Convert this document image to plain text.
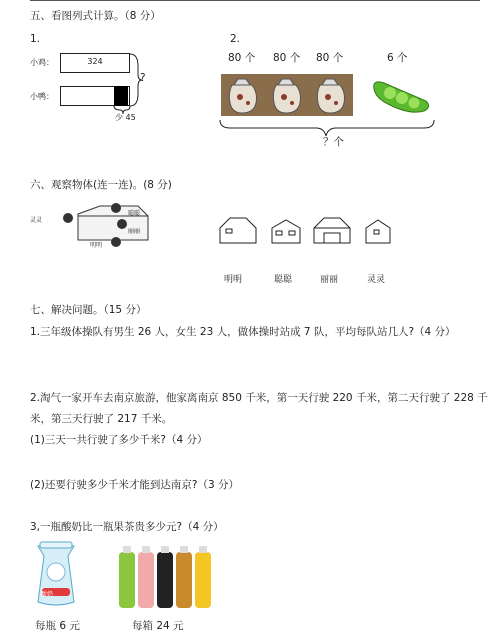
五、看图列式计算。（8 分）
1.
小鸡：	324
小鸭：
?
少 45
2.
80 个 80 个 80 个	6 个
？个
六、观察物体(连一连)。(8 分)
灵灵
明明
聪聪
丽丽
明明	聪聪	丽丽	灵灵
七、解决问题。（15 分）
1.三年级体操队有男生 26 人，女生 23 人，做体操时站成 7 队，平均每队站几人?（4 分）
2.淘气一家开车去南京旅游，他家离南京 850 千米，第一天行驶 220 千米，第二天行驶了 228 千
米，第三天行驶了 217 千米。
(1)三天一共行驶了多少千米?（4 分）
(2)还要行驶多少千米才能到达南京?（3 分）
3,一瓶酸奶比一瓶果茶贵多少元?（4 分）
酸奶
每瓶 6 元	每箱 24 元
